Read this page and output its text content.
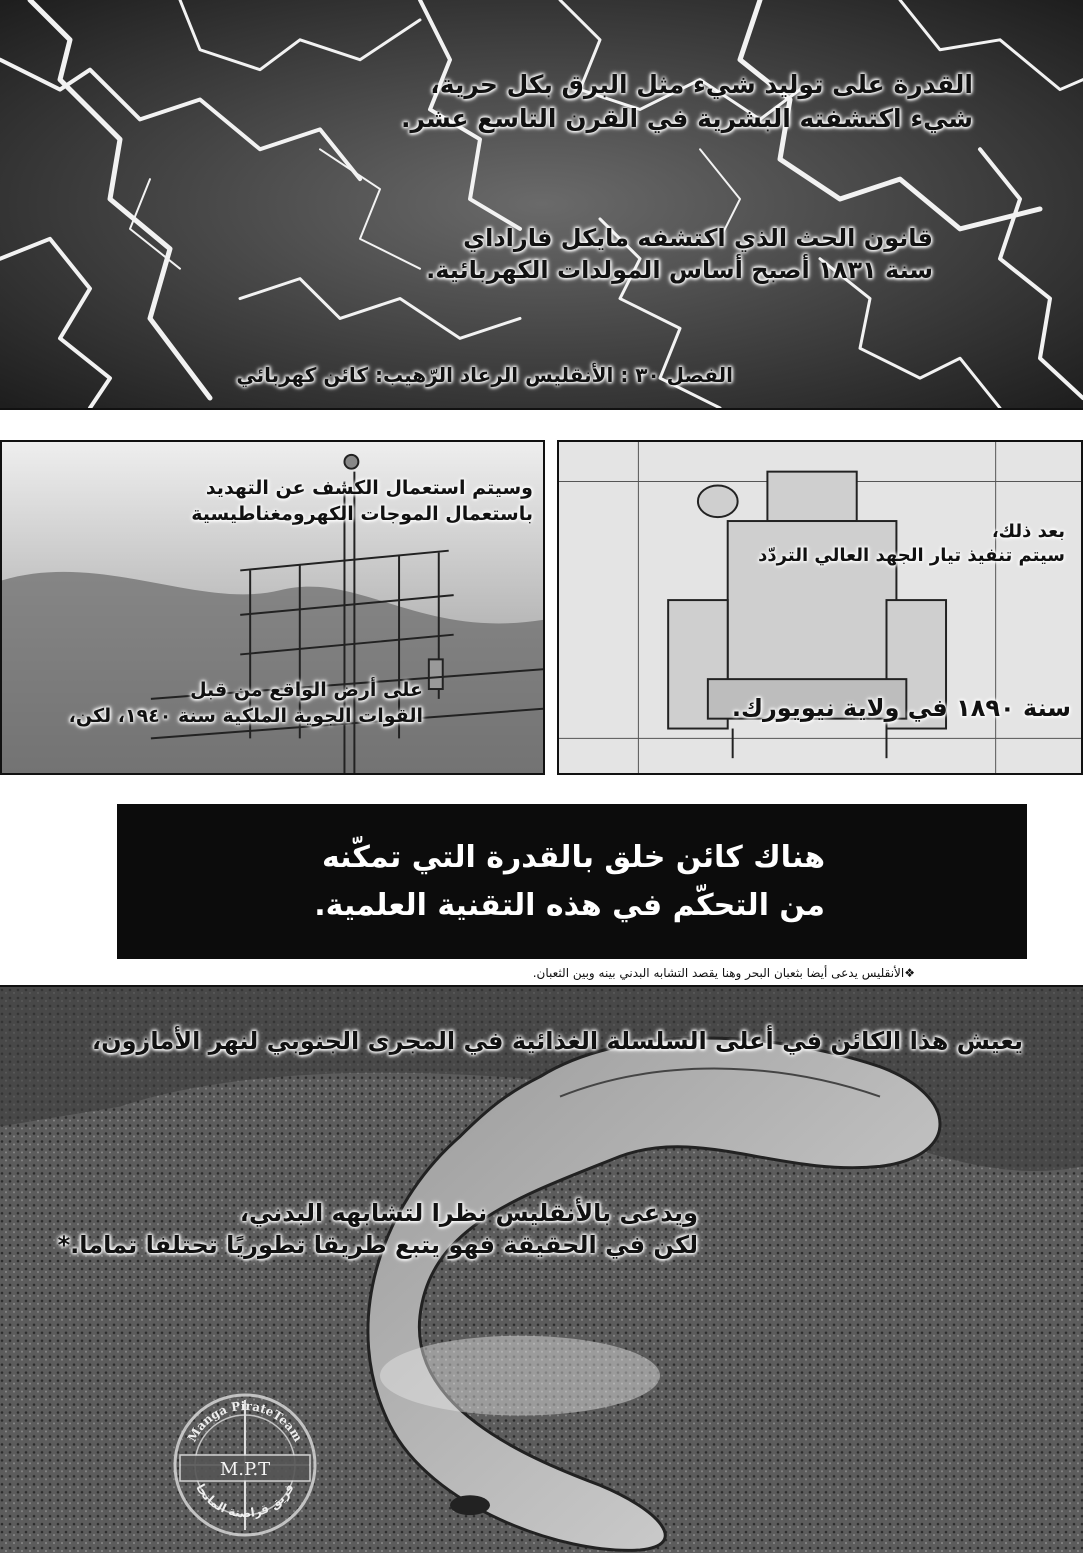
القدرة على توليد شيء مثل البرق بكل حرية،
شيء اكتشفته البشرية في القرن التاسع عشر.
قانون الحث الذي اكتشفه مايكل فاراداي
سنة ١٨٣١ أصبح أساس المولدات الكهربائية.
الفصل ٣٠ : الأنقليس الرعاد الرّهيب: كائن كهربائي
وسيتم استعمال الكشف عن التهديد
باستعمال الموجات الكهرومغناطيسية
على أرض الواقع من قبل
القوات الجوية الملكية سنة ١٩٤٠، لكن،
بعد ذلك،
سيتم تنفيذ تيار الجهد العالي التردّد
سنة ١٨٩٠ في ولاية نيويورك.
هناك كائن خلق بالقدرة التي تمكّنه
من التحكّم في هذه التقنية العلمية.
❖الأنقليس يدعى أيضا بثعبان البحر وهنا يقصد التشابه البدني بينه وبين الثعبان.
يعيش هذا الكائن في أعلى السلسلة الغذائية في المجرى الجنوبي لنهر الأمازون،
ويدعى بالأنقليس نظرا لتشابهه البدني،
لكن في الحقيقة فهو يتبع طريقا تطوريًا تحتلفا تماما.*
Manga PirateTeam
M.P.T
فريق قراصنة المانجا
